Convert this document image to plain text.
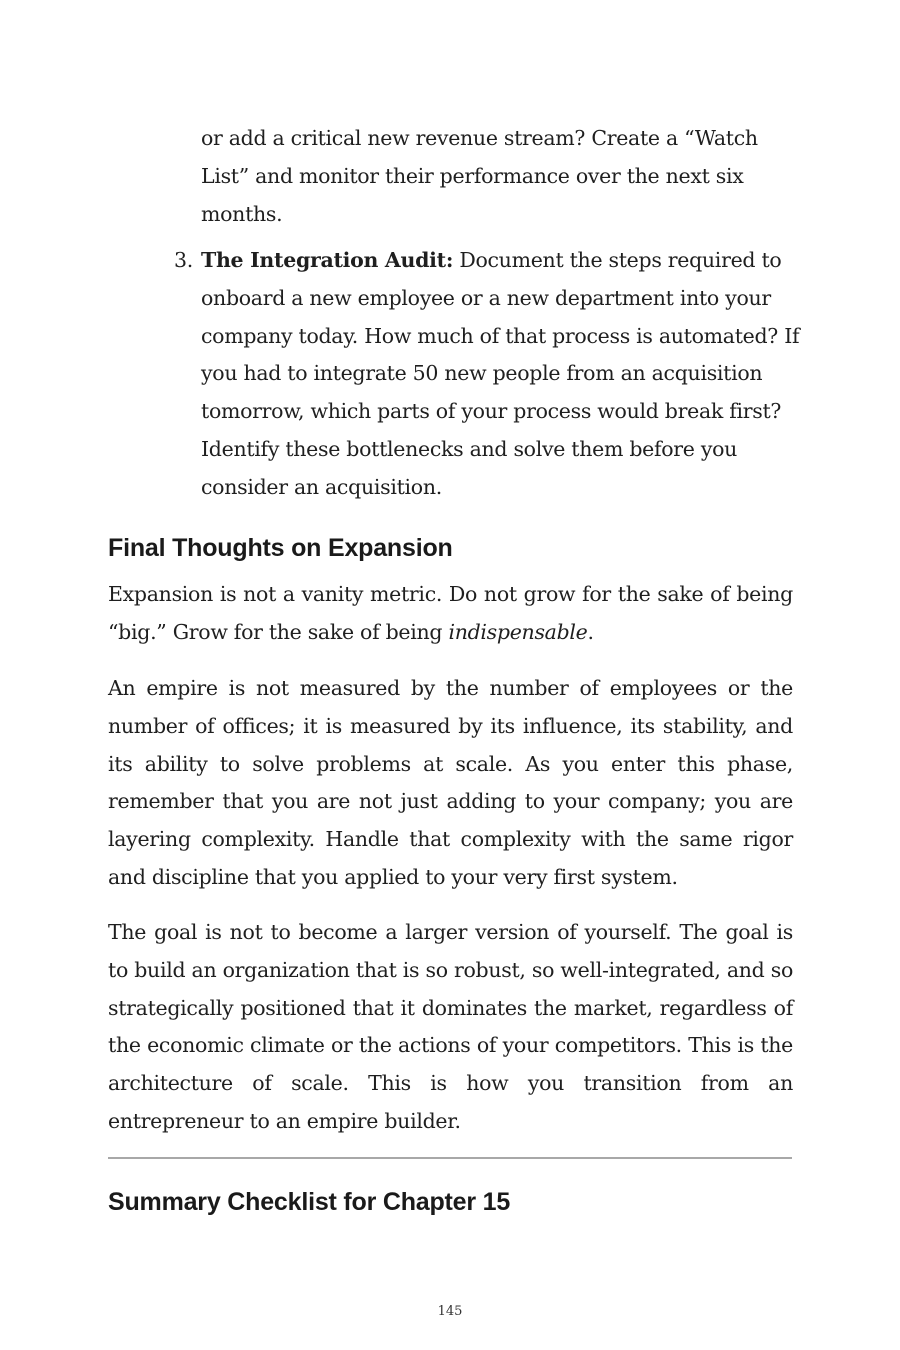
or add a critical new revenue stream? Create a “Watch List” and monitor their performance over the next six months.
3. The Integration Audit: Document the steps required to onboard a new employee or a new department into your company today. How much of that process is automated? If you had to integrate 50 new people from an acquisition tomorrow, which parts of your process would break first? Identify these bottlenecks and solve them before you consider an acquisition.
Final Thoughts on Expansion

Expansion is not a vanity metric. Do not grow for the sake of being “big.” Grow for the sake of being indispensable.

An empire is not measured by the number of employees or the number of offices; it is measured by its influence, its stability, and its ability to solve problems at scale. As you enter this phase, remember that you are not just adding to your company; you are layering complexity. Handle that complexity with the same rigor and discipline that you applied to your very first system.

The goal is not to become a larger version of yourself. The goal is to build an organization that is so robust, so well-integrated, and so strategically positioned that it dominates the market, regardless of the economic climate or the actions of your competitors. This is the architecture of scale. This is how you transition from an entrepreneur to an empire builder.

Summary Checklist for Chapter 15
145
